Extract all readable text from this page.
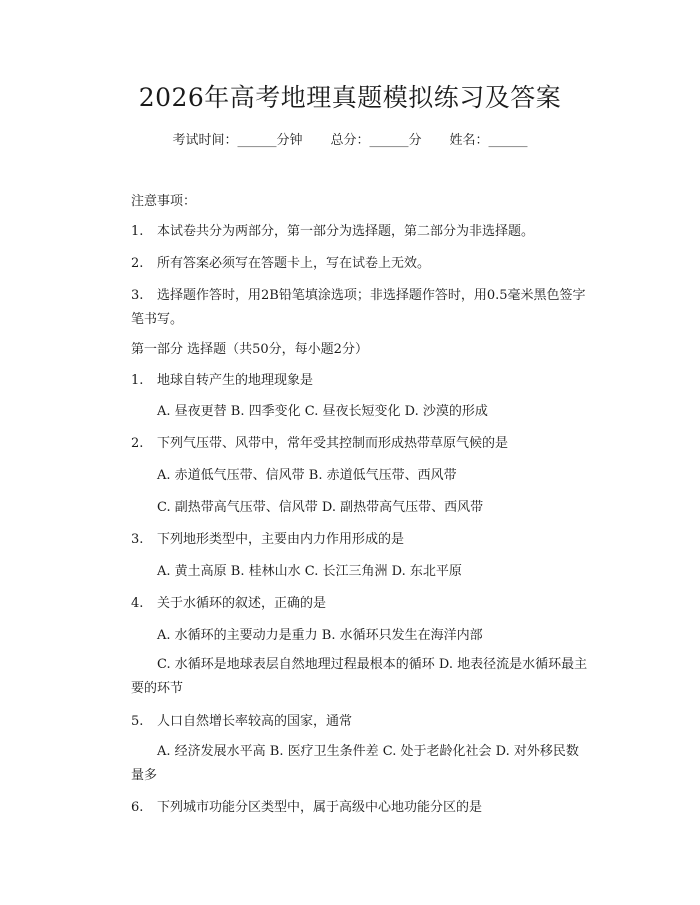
2026年高考地理真题模拟练习及答案
考试时间：______分钟 总分：______分 姓名：______
注意事项：
1. 本试卷共分为两部分，第一部分为选择题，第二部分为非选择题。
2. 所有答案必须写在答题卡上，写在试卷上无效。
3. 选择题作答时，用2B铅笔填涂选项；非选择题作答时，用0.5毫米黑色签字笔书写。
第一部分 选择题（共50分，每小题2分）
1. 地球自转产生的地理现象是
A. 昼夜更替 B. 四季变化 C. 昼夜长短变化 D. 沙漠的形成
2. 下列气压带、风带中，常年受其控制而形成热带草原气候的是
A. 赤道低气压带、信风带 B. 赤道低气压带、西风带
C. 副热带高气压带、信风带 D. 副热带高气压带、西风带
3. 下列地形类型中，主要由内力作用形成的是
A. 黄土高原 B. 桂林山水 C. 长江三角洲 D. 东北平原
4. 关于水循环的叙述，正确的是
A. 水循环的主要动力是重力 B. 水循环只发生在海洋内部
C. 水循环是地球表层自然地理过程最根本的循环 D. 地表径流是水循环最主要的环节
5. 人口自然增长率较高的国家，通常
A. 经济发展水平高 B. 医疗卫生条件差 C. 处于老龄化社会 D. 对外移民数量多
6. 下列城市功能分区类型中，属于高级中心地功能分区的是
